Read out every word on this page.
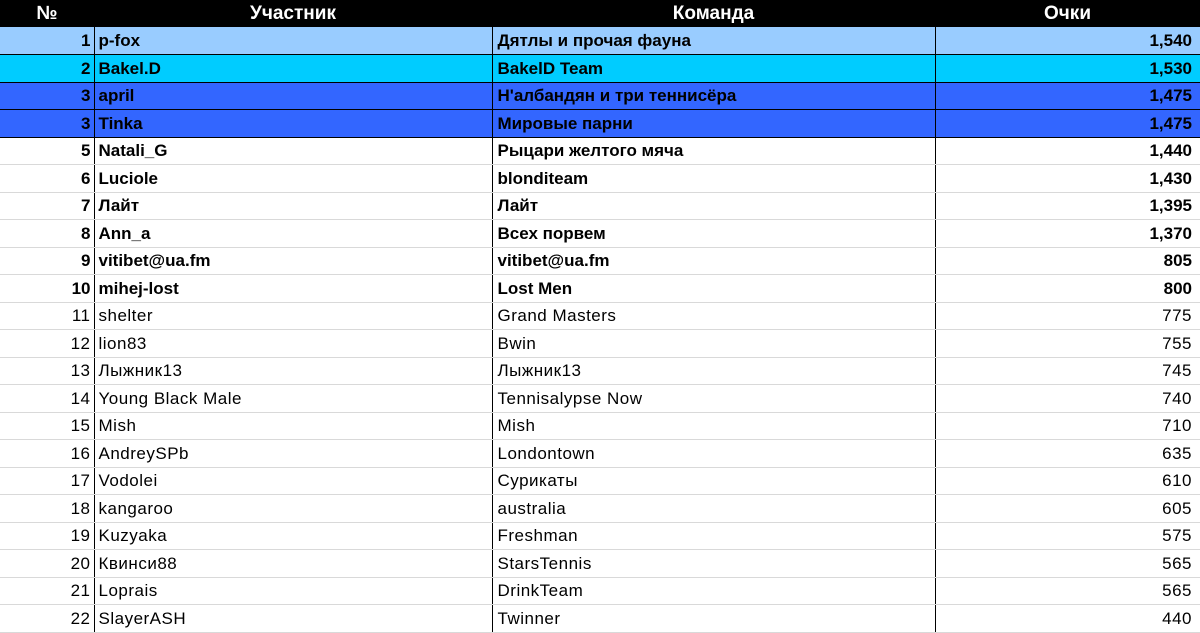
№	Участник	Команда	Очки
1	p-fox	Дятлы и прочая фауна	1,540
2	Bakel.D	BakelD Team	1,530
3	april	Н'албандян и три теннисёра	1,475
3	Tinka	Мировые парни	1,475
5	Natali_G	Рыцари желтого мяча	1,440
6	Luciole	blonditeam	1,430
7	Лайт	Лайт	1,395
8	Ann_a	Всех порвем	1,370
9	vitibet@ua.fm	vitibet@ua.fm	805
10	mihej-lost	Lost Men	800
11	shelter	Grand Masters	775
12	lion83	Bwin	755
13	Лыжник13	Лыжник13	745
14	Young Black Male	Tennisalypse Now	740
15	Mish	Mish	710
16	AndreySPb	Londontown	635
17	Vodolei	Сурикаты	610
18	kangaroo	australia	605
19	Kuzyaka	Freshman	575
20	Квинси88	StarsTennis	565
21	Loprais	DrinkTeam	565
22	SlayerASH	Twinner	440
